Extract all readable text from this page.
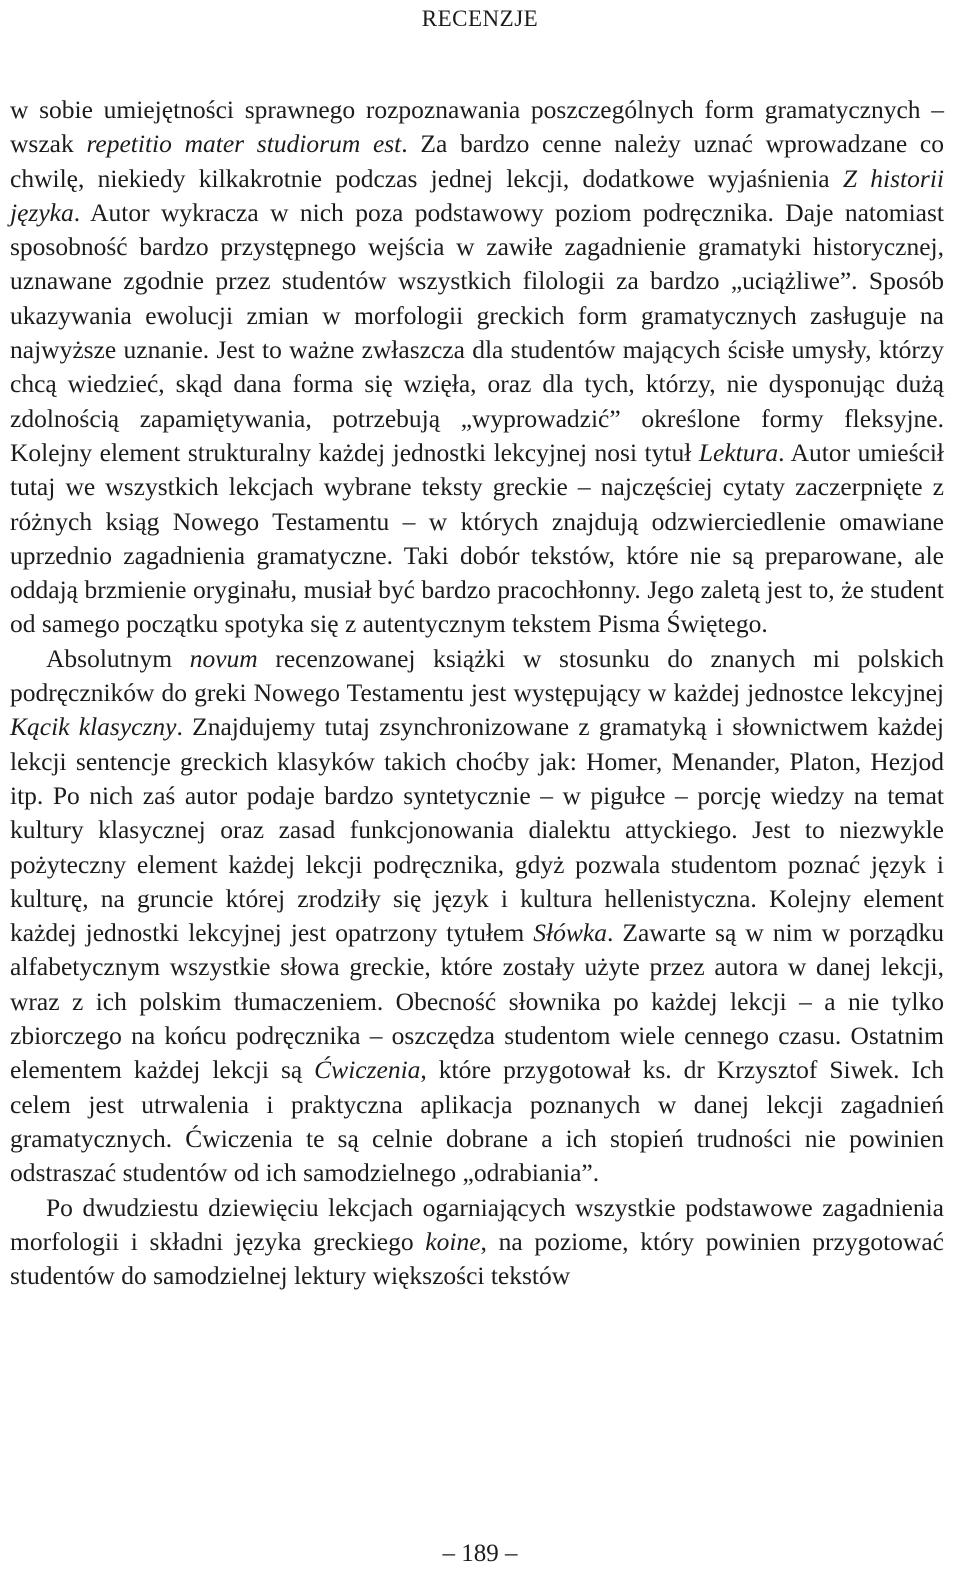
RECENZJE

w sobie umiejętności sprawnego rozpoznawania poszczególnych form gramatycznych – wszak repetitio mater studiorum est. Za bardzo cenne należy uznać wprowadzane co chwilę, niekiedy kilkakrotnie podczas jednej lekcji, dodatkowe wyjaśnienia Z historii języka. Autor wykracza w nich poza podstawowy poziom podręcznika. Daje natomiast sposobność bardzo przystępnego wejścia w zawiłe zagadnienie gramatyki historycznej, uznawane zgodnie przez studentów wszystkich filologii za bardzo „uciążliwe”. Sposób ukazywania ewolucji zmian w morfologii greckich form gramatycznych zasługuje na najwyższe uznanie. Jest to ważne zwłaszcza dla studentów mających ścisłe umysły, którzy chcą wiedzieć, skąd dana forma się wzięła, oraz dla tych, którzy, nie dysponując dużą zdolnością zapamiętywania, potrzebują „wyprowadzić” określone formy fleksyjne. Kolejny element strukturalny każdej jednostki lekcyjnej nosi tytuł Lektura. Autor umieścił tutaj we wszystkich lekcjach wybrane teksty greckie – najczęściej cytaty zaczerpnięte z różnych ksiąg Nowego Testamentu – w których znajdują odzwierciedlenie omawiane uprzednio zagadnienia gramatyczne. Taki dobór tekstów, które nie są preparowane, ale oddają brzmienie oryginału, musiał być bardzo pracochłonny. Jego zaletą jest to, że student od samego początku spotyka się z autentycznym tekstem Pisma Świętego.

Absolutnym novum recenzowanej książki w stosunku do znanych mi polskich podręczników do greki Nowego Testamentu jest występujący w każdej jednostce lekcyjnej Kącik klasyczny. Znajdujemy tutaj zsynchronizowane z gramatyką i słownictwem każdej lekcji sentencje greckich klasyków takich choćby jak: Homer, Menander, Platon, Hezjod itp. Po nich zaś autor podaje bardzo syntetycznie – w pigułce – porcję wiedzy na temat kultury klasycznej oraz zasad funkcjonowania dialektu attyckiego. Jest to niezwykle pożyteczny element każdej lekcji podręcznika, gdyż pozwala studentom poznać język i kulturę, na gruncie której zrodziły się język i kultura hellenistyczna. Kolejny element każdej jednostki lekcyjnej jest opatrzony tytułem Słówka. Zawarte są w nim w porządku alfabetycznym wszystkie słowa greckie, które zostały użyte przez autora w danej lekcji, wraz z ich polskim tłumaczeniem. Obecność słownika po każdej lekcji – a nie tylko zbiorczego na końcu podręcznika – oszczędza studentom wiele cennego czasu. Ostatnim elementem każdej lekcji są Ćwiczenia, które przygotował ks. dr Krzysztof Siwek. Ich celem jest utrwalenia i praktyczna aplikacja poznanych w danej lekcji zagadnień gramatycznych. Ćwiczenia te są celnie dobrane a ich stopień trudności nie powinien odstraszać studentów od ich samodzielnego „odrabiania”.

Po dwudziestu dziewięciu lekcjach ogarniających wszystkie podstawowe zagadnienia morfologii i składni języka greckiego koine, na poziome, który powinien przygotować studentów do samodzielnej lektury większości tekstów

– 189 –
